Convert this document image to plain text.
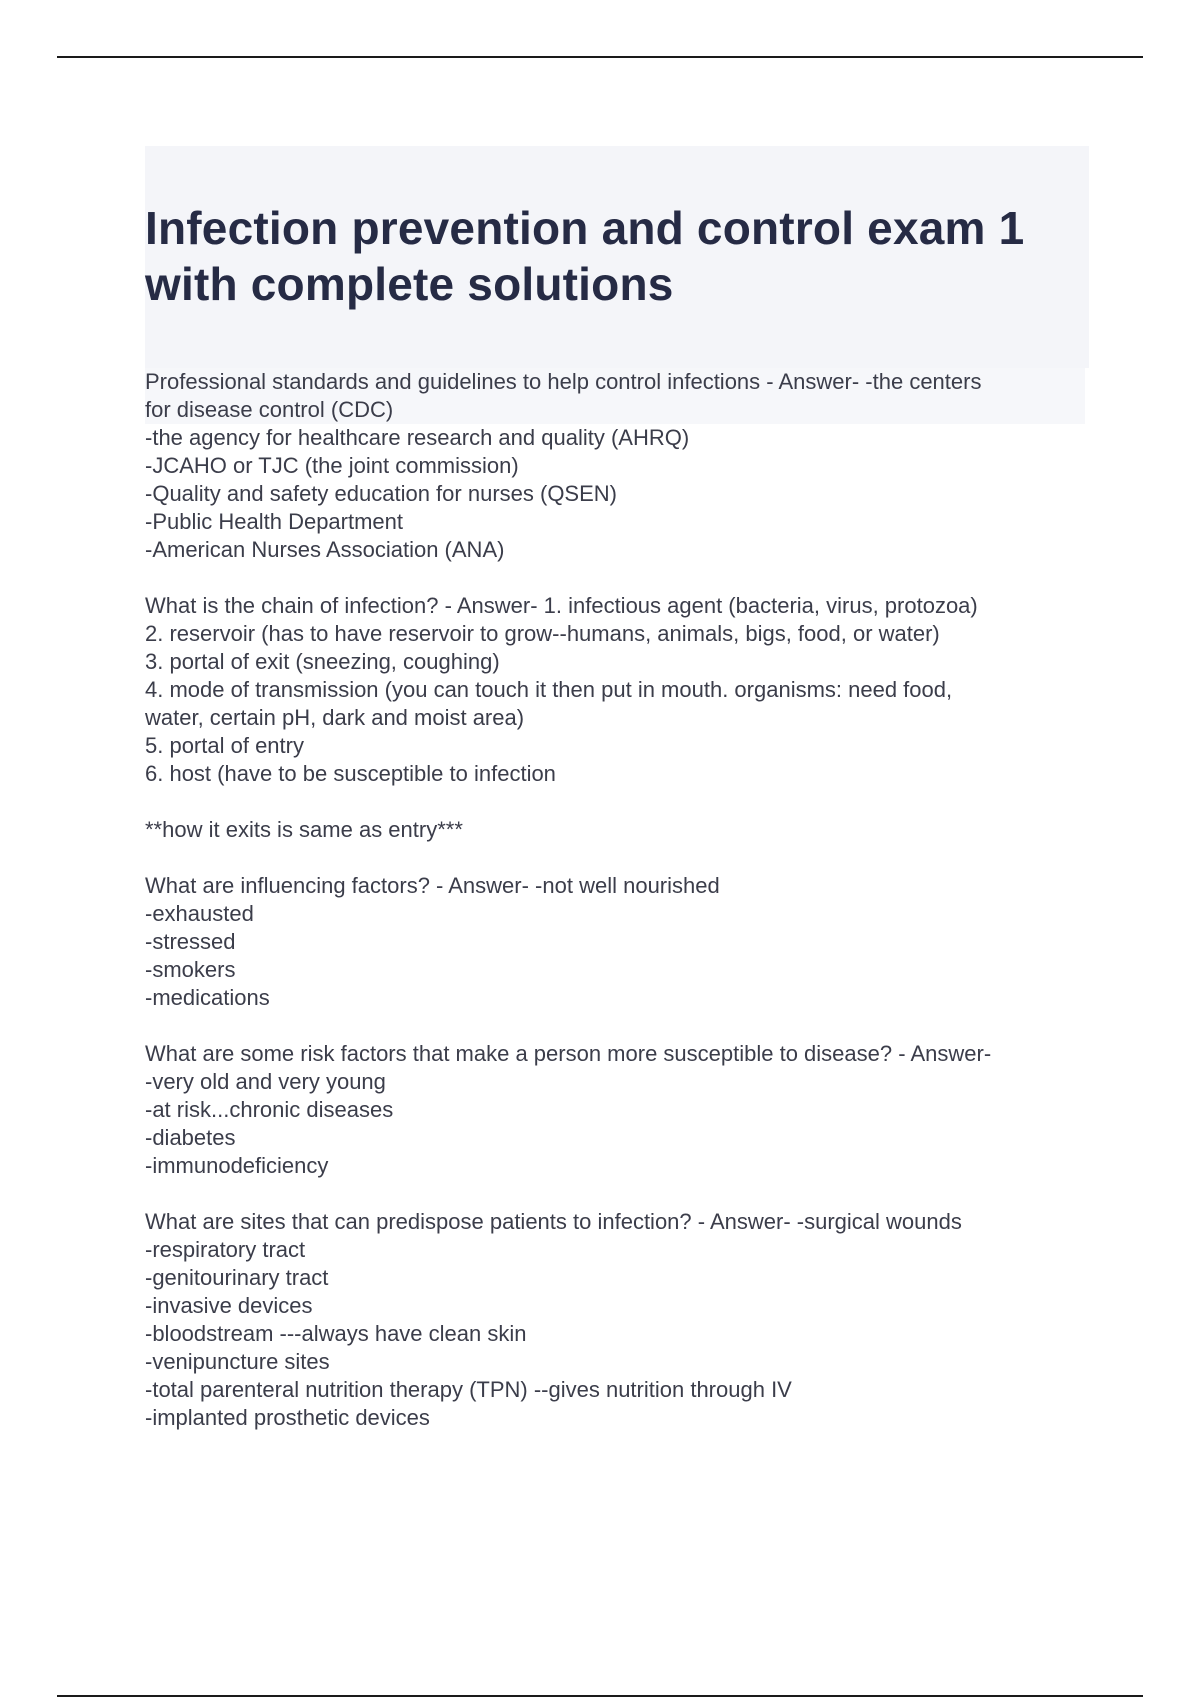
Infection prevention and control exam 1
with complete solutions
Professional standards and guidelines to help control infections - Answer- -the centers
for disease control (CDC)
-the agency for healthcare research and quality (AHRQ)
-JCAHO or TJC (the joint commission)
-Quality and safety education for nurses (QSEN)
-Public Health Department
-American Nurses Association (ANA)
What is the chain of infection? - Answer- 1. infectious agent (bacteria, virus, protozoa)
2. reservoir (has to have reservoir to grow--humans, animals, bigs, food, or water)
3. portal of exit (sneezing, coughing)
4. mode of transmission (you can touch it then put in mouth. organisms: need food,
water, certain pH, dark and moist area)
5. portal of entry
6. host (have to be susceptible to infection
**how it exits is same as entry***
What are influencing factors? - Answer- -not well nourished
-exhausted
-stressed
-smokers
-medications
What are some risk factors that make a person more susceptible to disease? - Answer-
-very old and very young
-at risk...chronic diseases
-diabetes
-immunodeficiency
What are sites that can predispose patients to infection? - Answer- -surgical wounds
-respiratory tract
-genitourinary tract
-invasive devices
-bloodstream ---always have clean skin
-venipuncture sites
-total parenteral nutrition therapy (TPN) --gives nutrition through IV
-implanted prosthetic devices
